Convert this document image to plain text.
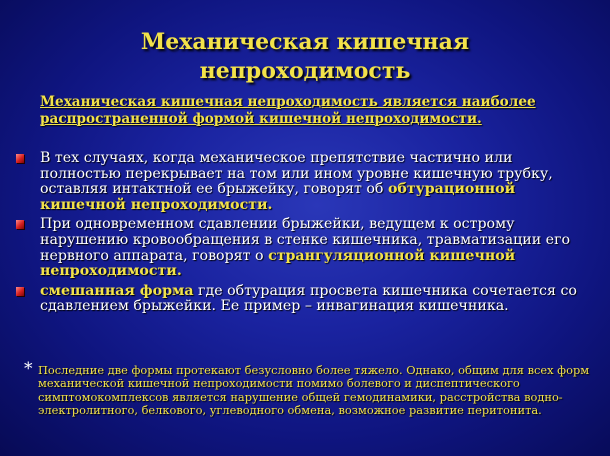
Механическая кишечная
непроходимость
Механическая кишечная непроходимость является наиболее распространенной формой кишечной непроходимости.
В тех случаях, когда механическое препятствие частично или полностью перекрывает на том или ином уровне кишечную трубку, оставляя интактной ее брыжейку, говорят об обтурационной кишечной непроходимости.
При одновременном сдавлении брыжейки, ведущем к острому нарушению кровообращения в стенке кишечника, травматизации его нервного аппарата, говорят о странгуляционной кишечной непроходимости.
смешанная форма где обтурация просвета кишечника сочетается со сдавлением брыжейки. Ее пример – инвагинация кишечника.
* Последние две формы протекают безусловно более тяжело. Однако, общим для всех форм механической кишечной непроходимости помимо болевого и диспептического симптомокомплексов является нарушение общей гемодинамики, расстройства водно-электролитного, белкового, углеводного обмена, возможное развитие перитонита.
